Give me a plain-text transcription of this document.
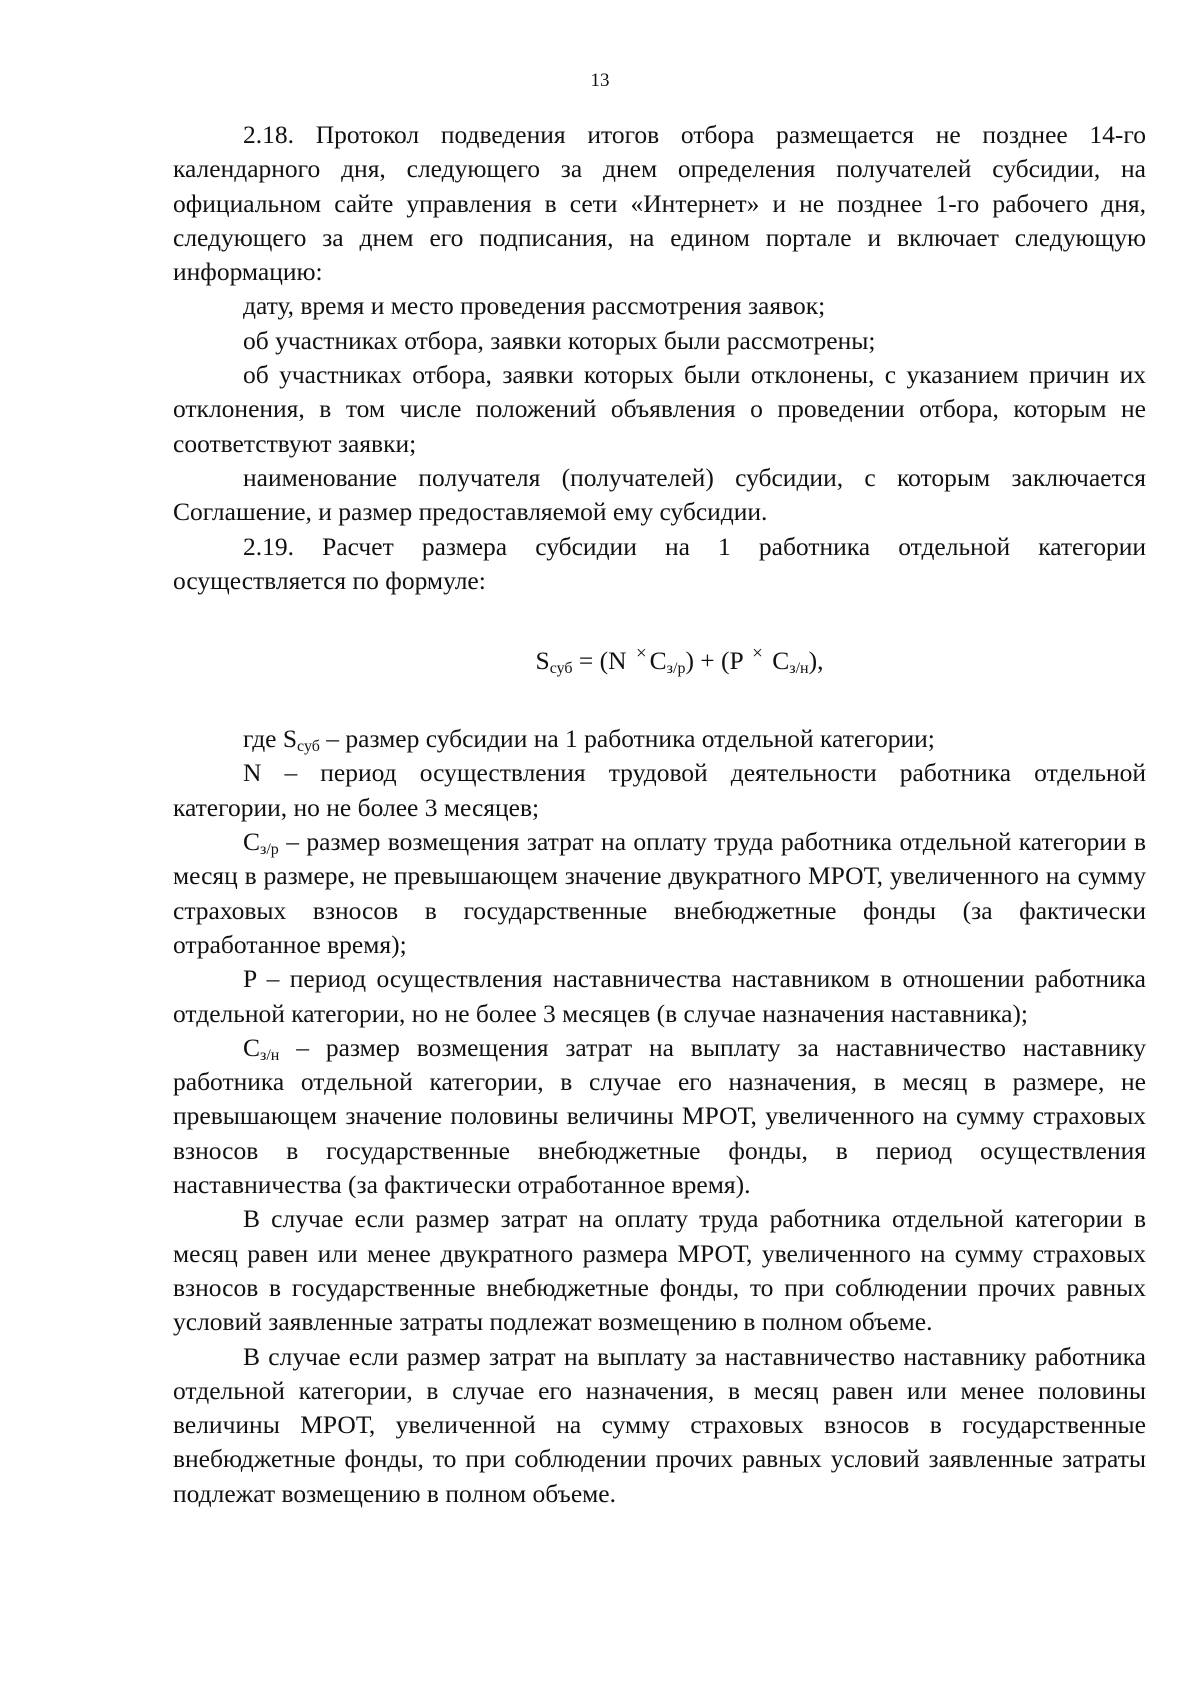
13

2.18. Протокол подведения итогов отбора размещается не позднее 14-го календарного дня, следующего за днем определения получателей субсидии, на официальном сайте управления в сети «Интернет» и не позднее 1-го рабочего дня, следующего за днем его подписания, на едином портале и включает следующую информацию:

дату, время и место проведения рассмотрения заявок;

об участниках отбора, заявки которых были рассмотрены;

об участниках отбора, заявки которых были отклонены, с указанием причин их отклонения, в том числе положений объявления о проведении отбора, которым не соответствуют заявки;

наименование получателя (получателей) субсидии, с которым заключается Соглашение, и размер предоставляемой ему субсидии.

2.19. Расчет размера субсидии на 1 работника отдельной категории осуществляется по формуле:

$S_{суб} = (N$ × $C_{з/р}) + (P$ × $C_{з/н}$),

где $S_{суб}$ – размер субсидии на 1 работника отдельной категории;

N – период осуществления трудовой деятельности работника отдельной категории, но не более 3 месяцев;

$C_{з/р}$ – размер возмещения затрат на оплату труда работника отдельной категории в месяц в размере, не превышающем значение двукратного МРОТ, увеличенного на сумму страховых взносов в государственные внебюджетные фонды (за фактически отработанное время);

P – период осуществления наставничества наставником в отношении работника отдельной категории, но не более 3 месяцев (в случае назначения наставника);

$C_{з/н}$ – размер возмещения затрат на выплату за наставничество наставнику работника отдельной категории, в случае его назначения, в месяц в размере, не превышающем значение половины величины МРОТ, увеличенного на сумму страховых взносов в государственные внебюджетные фонды, в период осуществления наставничества (за фактически отработанное время).

В случае если размер затрат на оплату труда работника отдельной категории в месяц равен или менее двукратного размера МРОТ, увеличенного на сумму страховых взносов в государственные внебюджетные фонды, то при соблюдении прочих равных условий заявленные затраты подлежат возмещению в полном объеме.

В случае если размер затрат на выплату за наставничество наставнику работника отдельной категории, в случае его назначения, в месяц равен или менее половины величины МРОТ, увеличенной на сумму страховых взносов в государственные внебюджетные фонды, то при соблюдении прочих равных условий заявленные затраты подлежат возмещению в полном объеме.
